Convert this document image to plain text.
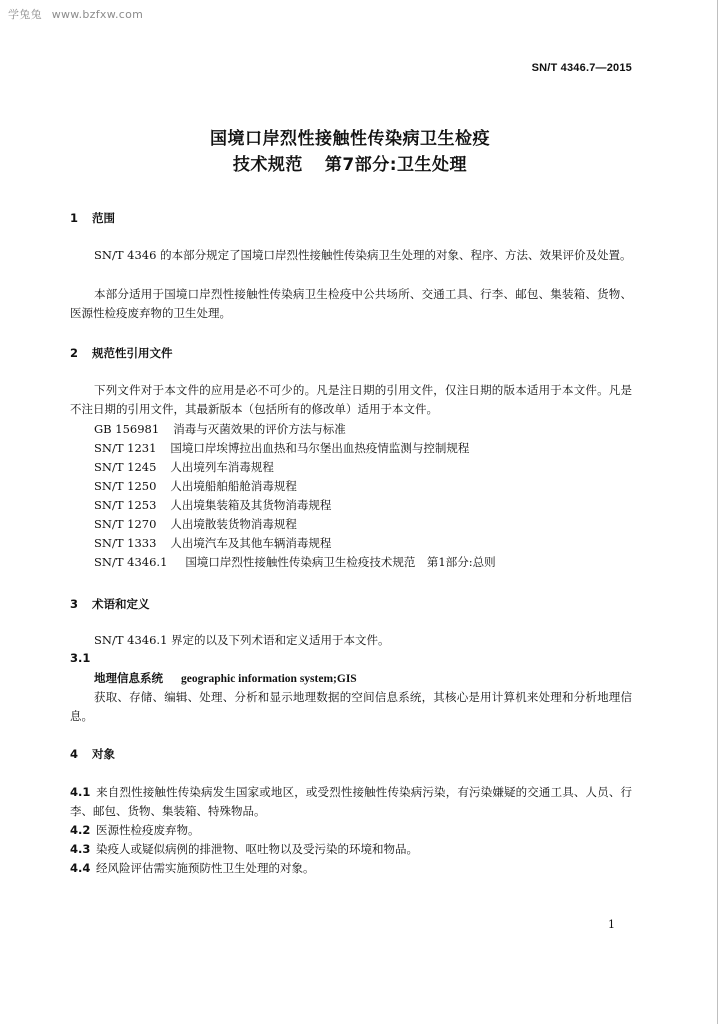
学兔兔 www.bzfxw.com
SN/T 4346.7—2015
国境口岸烈性接触性传染病卫生检疫
技术规范 第7部分:卫生处理
1 范围
SN/T 4346 的本部分规定了国境口岸烈性接触性传染病卫生处理的对象、程序、方法、效果评价及处置。
本部分适用于国境口岸烈性接触性传染病卫生检疫中公共场所、交通工具、行李、邮包、集装箱、货物、医源性检疫废弃物的卫生处理。
2 规范性引用文件
下列文件对于本文件的应用是必不可少的。凡是注日期的引用文件，仅注日期的版本适用于本文件。凡是不注日期的引用文件，其最新版本（包括所有的修改单）适用于本文件。
GB 156981 消毒与灭菌效果的评价方法与标准
SN/T 1231 国境口岸埃博拉出血热和马尔堡出血热疫情监测与控制规程
SN/T 1245 人出境列车消毒规程
SN/T 1250 人出境船舶船舱消毒规程
SN/T 1253 人出境集装箱及其货物消毒规程
SN/T 1270 人出境散装货物消毒规程
SN/T 1333 人出境汽车及其他车辆消毒规程
SN/T 4346.1 国境口岸烈性接触性传染病卫生检疫技术规范　第1部分:总则
3 术语和定义
SN/T 4346.1 界定的以及下列术语和定义适用于本文件。
3.1
地理信息系统 geographic information system;GIS
获取、存储、编辑、处理、分析和显示地理数据的空间信息系统，其核心是用计算机来处理和分析地理信息。
4 对象
4.1 来自烈性接触性传染病发生国家或地区，或受烈性接触性传染病污染，有污染嫌疑的交通工具、人员、行李、邮包、货物、集装箱、特殊物品。
4.2 医源性检疫废弃物。
4.3 染疫人或疑似病例的排泄物、呕吐物以及受污染的环境和物品。
4.4 经风险评估需实施预防性卫生处理的对象。
1
